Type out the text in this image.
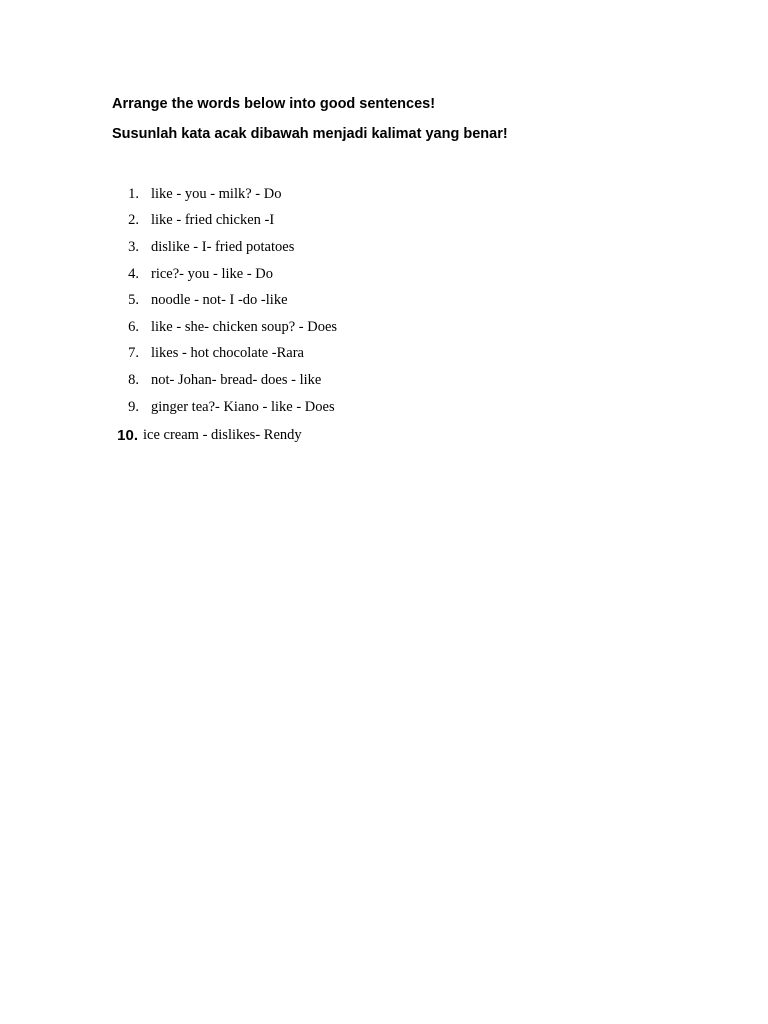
Arrange the words below into good sentences!

Susunlah kata acak dibawah menjadi kalimat yang benar!

1. like - you - milk? - Do
2. like - fried chicken -I
3. dislike - I- fried potatoes
4. rice?- you - like - Do
5. noodle - not- I -do -like
6. like - she- chicken soup? - Does
7. likes - hot chocolate -Rara
8. not- Johan- bread- does - like
9. ginger tea?- Kiano - like - Does
10. ice cream - dislikes- Rendy
